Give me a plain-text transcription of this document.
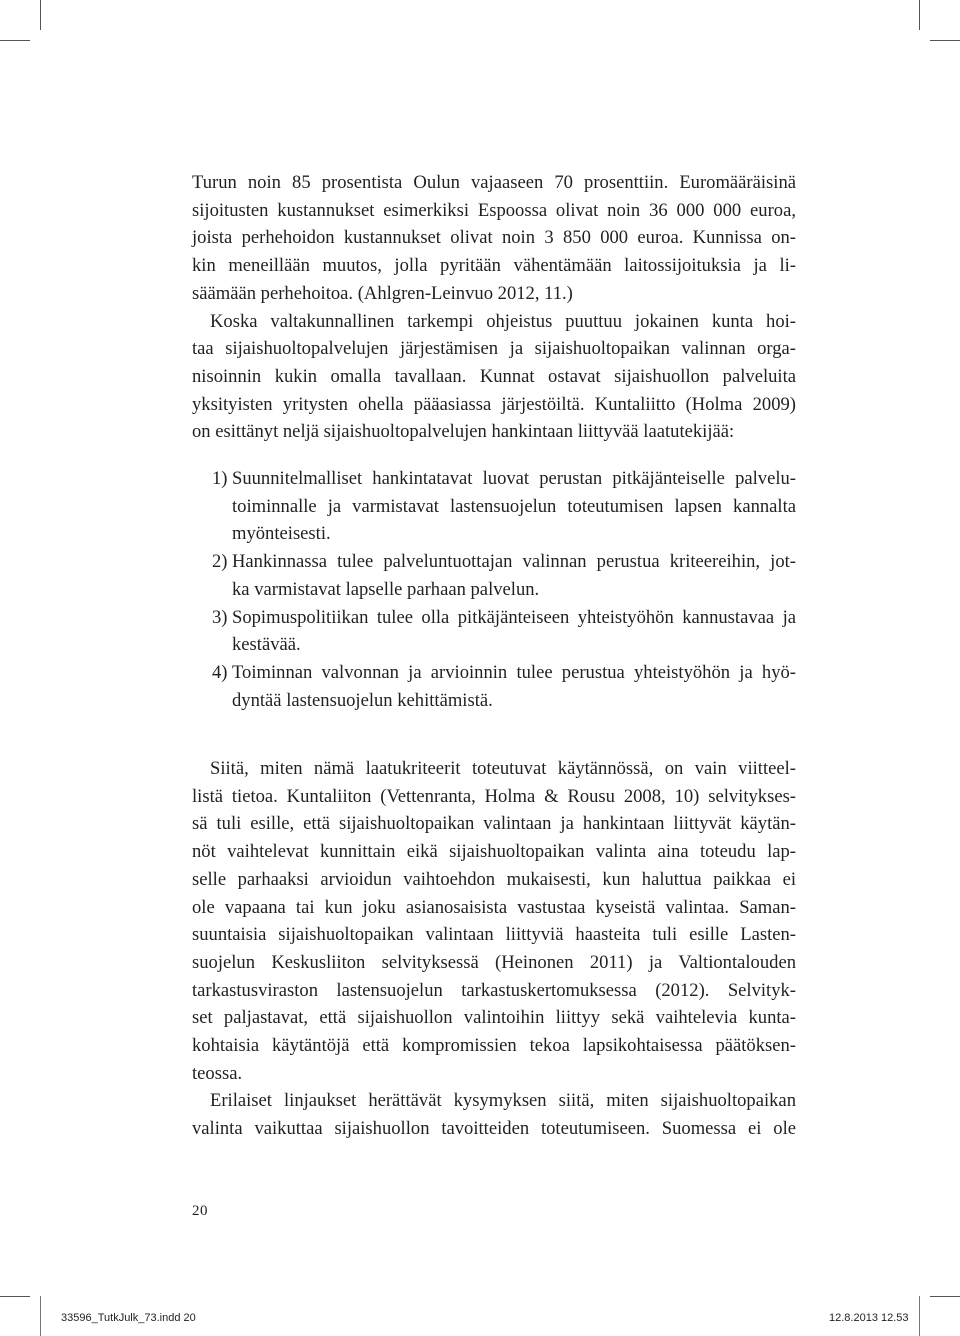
Turun noin 85 prosentista Oulun vajaaseen 70 prosenttiin. Euromääräisinä
sijoitusten kustannukset esimerkiksi Espoossa olivat noin 36 000 000 euroa,
joista perhehoidon kustannukset olivat noin 3 850 000 euroa. Kunnissa on-
kin meneillään muutos, jolla pyritään vähentämään laitossijoituksia ja li-
säämään perhehoitoa. (Ahlgren-Leinvuo 2012, 11.)

Koska valtakunnallinen tarkempi ohjeistus puuttuu jokainen kunta hoi-
taa sijaishuoltopalvelujen järjestämisen ja sijaishuoltopaikan valinnan orga-
nisoinnin kukin omalla tavallaan. Kunnat ostavat sijaishuollon palveluita
yksityisten yritysten ohella pääasiassa järjestöiltä. Kuntaliitto (Holma 2009)
on esittänyt neljä sijaishuoltopalvelujen hankintaan liittyvää laatutekijää:

1) Suunnitelmalliset hankintatavat luovat perustan pitkäjänteiselle palvelu-
toiminnalle ja varmistavat lastensuojelun toteutumisen lapsen kannalta
myönteisesti.
2) Hankinnassa tulee palveluntuottajan valinnan perustua kriteereihin, jot-
ka varmistavat lapselle parhaan palvelun.
3) Sopimuspolitiikan tulee olla pitkäjänteiseen yhteistyöhön kannustavaa ja
kestävää.
4) Toiminnan valvonnan ja arvioinnin tulee perustua yhteistyöhön ja hyö-
dyntää lastensuojelun kehittämistä.

Siitä, miten nämä laatukriteerit toteutuvat käytännössä, on vain viitteel-
listä tietoa. Kuntaliiton (Vettenranta, Holma & Rousu 2008, 10) selvitykses-
sä tuli esille, että sijaishuoltopaikan valintaan ja hankintaan liittyvät käytän-
nöt vaihtelevat kunnittain eikä sijaishuoltopaikan valinta aina toteudu lap-
selle parhaaksi arvioidun vaihtoehdon mukaisesti, kun haluttua paikkaa ei
ole vapaana tai kun joku asianosaisista vastustaa kyseistä valintaa. Saman-
suuntaisia sijaishuoltopaikan valintaan liittyviä haasteita tuli esille Lasten-
suojelun Keskusliiton selvityksessä (Heinonen 2011) ja Valtiontalouden
tarkastusviraston lastensuojelun tarkastuskertomuksessa (2012). Selvityk-
set paljastavat, että sijaishuollon valintoihin liittyy sekä vaihtelevia kunta-
kohtaisia käytäntöjä että kompromissien tekoa lapsikohtaisessa päätöksen-
teossa.

Erilaiset linjaukset herättävät kysymyksen siitä, miten sijaishuoltopaikan
valinta vaikuttaa sijaishuollon tavoitteiden toteutumiseen. Suomessa ei ole

20
33596_TutkJulk_73.indd 20	12.8.2013 12.53
